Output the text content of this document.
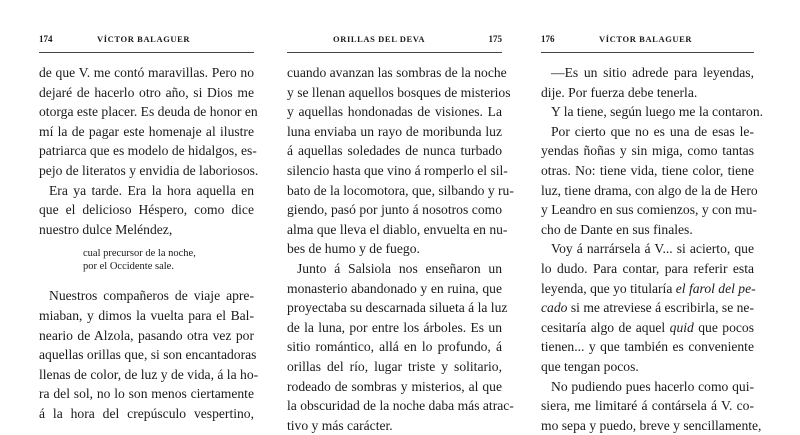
174	VÍCTOR BALAGUER
de que V. me contó maravillas. Pero no
dejaré de hacerlo otro año, si Dios me
otorga este placer. Es deuda de honor en
mí la de pagar este homenaje al ilustre
patriarca que es modelo de hidalgos, es-
pejo de literatos y envidia de laboriosos.
Era ya tarde. Era la hora aquella en
que el delicioso Héspero, como dice
nuestro dulce Meléndez,
cual precursor de la noche,
por el Occidente sale.
Nuestros compañeros de viaje apre-
miaban, y dimos la vuelta para el Bal-
neario de Alzola, pasando otra vez por
aquellas orillas que, si son encantadoras
llenas de color, de luz y de vida, á la ho-
ra del sol, no lo son menos ciertamente
á la hora del crepúsculo vespertino,
ORILLAS DEL DEVA	175
cuando avanzan las sombras de la noche
y se llenan aquellos bosques de misterios
y aquellas hondonadas de visiones. La
luna enviaba un rayo de moribunda luz
á aquellas soledades de nunca turbado
silencio hasta que vino á romperlo el sil-
bato de la locomotora, que, silbando y ru-
giendo, pasó por junto á nosotros como
alma que lleva el diablo, envuelta en nu-
bes de humo y de fuego.
Junto á Salsiola nos enseñaron un
monasterio abandonado y en ruina, que
proyectaba su descarnada silueta á la luz
de la luna, por entre los árboles. Es un
sitio romántico, allá en lo profundo, á
orillas del río, lugar triste y solitario,
rodeado de sombras y misterios, al que
la obscuridad de la noche daba más atrac-
tivo y más carácter.
176	VÍCTOR BALAGUER
—Es un sitio adrede para leyendas,
dije. Por fuerza debe tenerla.
Y la tiene, según luego me la contaron.
Por cierto que no es una de esas le-
yendas ñoñas y sin miga, como tantas
otras. No: tiene vida, tiene color, tiene
luz, tiene drama, con algo de la de Hero
y Leandro en sus comienzos, y con mu-
cho de Dante en sus finales.
Voy á narrársela á V... si acierto, que
lo dudo. Para contar, para referir esta
leyenda, que yo titularía el farol del pe-
cado si me atreviese á escribirla, se ne-
cesitaría algo de aquel quid que pocos
tienen... y que también es conveniente
que tengan pocos.
No pudiendo pues hacerlo como qui-
siera, me limitaré á contársela á V. co-
mo sepa y puedo, breve y sencillamente,
